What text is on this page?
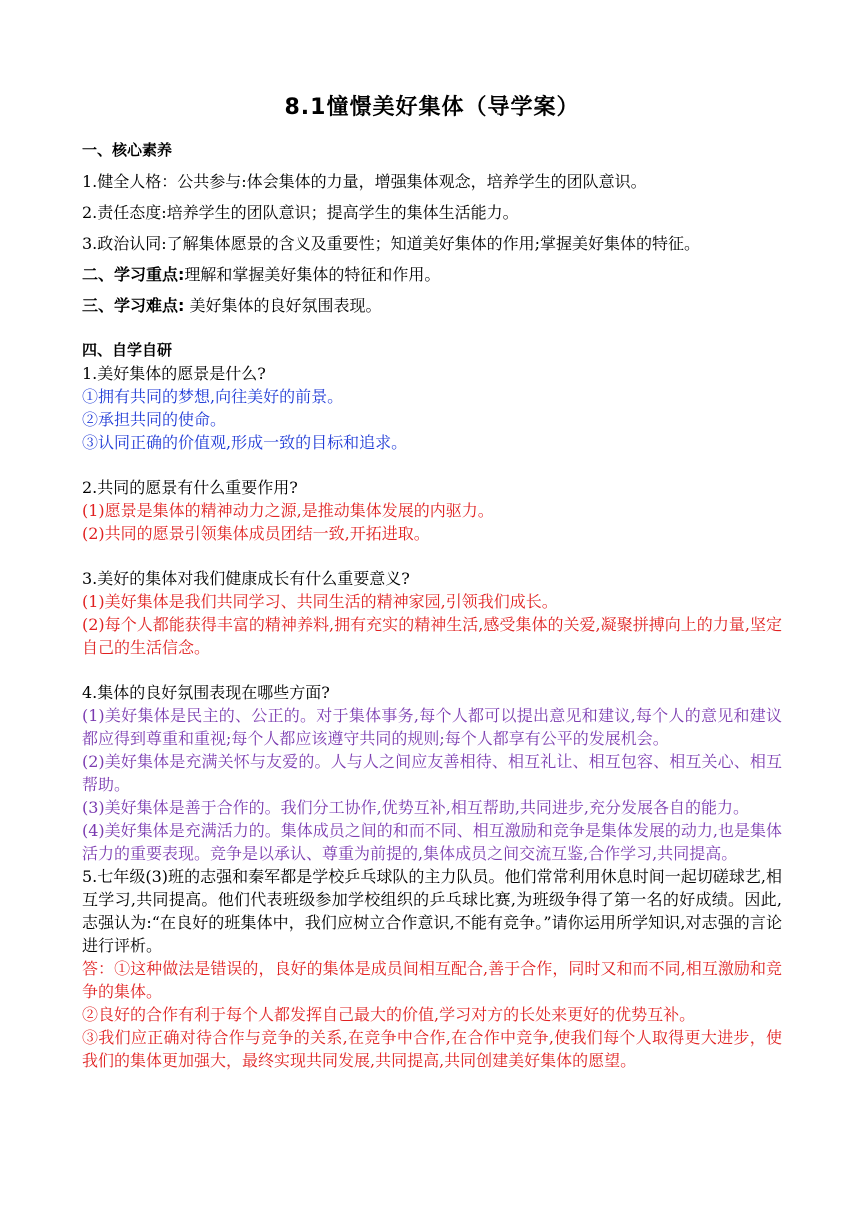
8.1憧憬美好集体（导学案）

一、核心素养

1.健全人格：公共参与:体会集体的力量，增强集体观念，培养学生的团队意识。

2.责任态度:培养学生的团队意识；提高学生的集体生活能力。

3.政治认同:了解集体愿景的含义及重要性；知道美好集体的作用;掌握美好集体的特征。

二、学习重点:理解和掌握美好集体的特征和作用。

三、学习难点: 美好集体的良好氛围表现。

四、自学自研

1.美好集体的愿景是什么?

①拥有共同的梦想,向往美好的前景。

②承担共同的使命。

③认同正确的价值观,形成一致的目标和追求。

2.共同的愿景有什么重要作用?

(1)愿景是集体的精神动力之源,是推动集体发展的内驱力。

(2)共同的愿景引领集体成员团结一致,开拓进取。

3.美好的集体对我们健康成长有什么重要意义?

(1)美好集体是我们共同学习、共同生活的精神家园,引领我们成长。

(2)每个人都能获得丰富的精神养料,拥有充实的精神生活,感受集体的关爱,凝聚拼搏向上的力量,坚定自己的生活信念。

4.集体的良好氛围表现在哪些方面?

(1)美好集体是民主的、公正的。对于集体事务,每个人都可以提出意见和建议,每个人的意见和建议都应得到尊重和重视;每个人都应该遵守共同的规则;每个人都享有公平的发展机会。

(2)美好集体是充满关怀与友爱的。人与人之间应友善相待、相互礼让、相互包容、相互关心、相互帮助。

(3)美好集体是善于合作的。我们分工协作,优势互补,相互帮助,共同进步,充分发展各自的能力。

(4)美好集体是充满活力的。集体成员之间的和而不同、相互激励和竞争是集体发展的动力,也是集体活力的重要表现。竞争是以承认、尊重为前提的,集体成员之间交流互鉴,合作学习,共同提高。

5.七年级(3)班的志强和秦军都是学校乒乓球队的主力队员。他们常常利用休息时间一起切磋球艺,相互学习,共同提高。他们代表班级参加学校组织的乒乓球比赛,为班级争得了第一名的好成绩。因此,志强认为:“在良好的班集体中，我们应树立合作意识,不能有竞争。”请你运用所学知识,对志强的言论进行评析。

答：①这种做法是错误的，良好的集体是成员间相互配合,善于合作，同时又和而不同,相互激励和竞争的集体。

②良好的合作有利于每个人都发挥自己最大的价值,学习对方的长处来更好的优势互补。

③我们应正确对待合作与竞争的关系,在竞争中合作,在合作中竞争,使我们每个人取得更大进步，使我们的集体更加强大，最终实现共同发展,共同提高,共同创建美好集体的愿望。
